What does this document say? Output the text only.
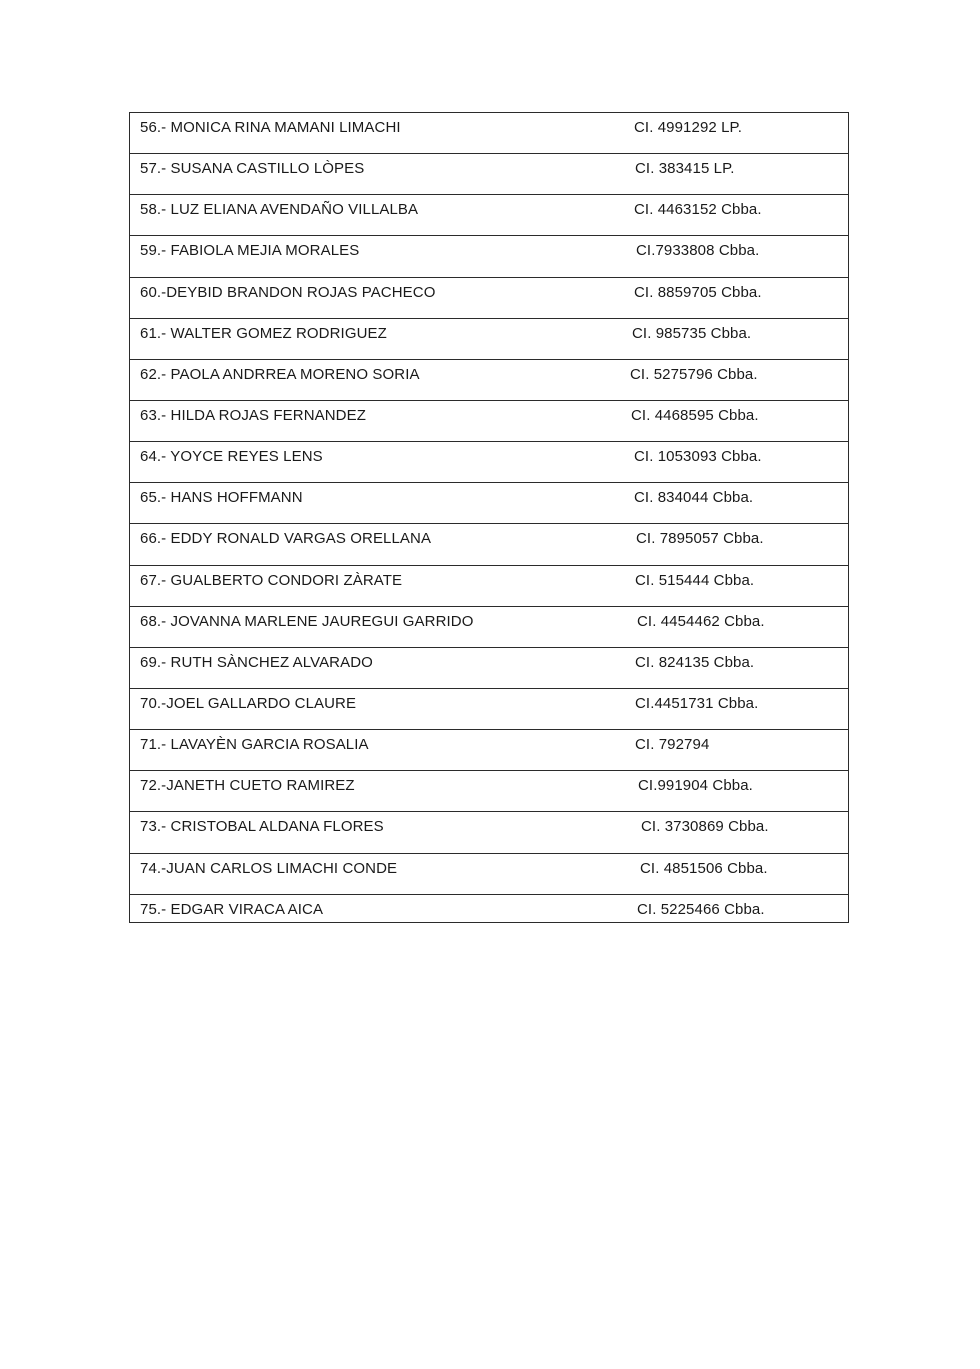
56.- MONICA RINA MAMANI LIMACHI	CI. 4991292 LP.
57.- SUSANA CASTILLO LÒPES	CI. 383415 LP.
58.- LUZ ELIANA AVENDAÑO VILLALBA	CI. 4463152 Cbba.
59.- FABIOLA MEJIA MORALES	CI.7933808 Cbba.
60.-DEYBID BRANDON ROJAS PACHECO	CI. 8859705 Cbba.
61.- WALTER GOMEZ RODRIGUEZ	CI. 985735 Cbba.
62.- PAOLA ANDRREA MORENO SORIA	CI. 5275796 Cbba.
63.- HILDA ROJAS FERNANDEZ	CI. 4468595 Cbba.
64.- YOYCE REYES LENS	CI. 1053093 Cbba.
65.- HANS HOFFMANN	CI. 834044 Cbba.
66.- EDDY RONALD VARGAS ORELLANA	CI. 7895057 Cbba.
67.- GUALBERTO CONDORI ZÀRATE	CI. 515444 Cbba.
68.- JOVANNA MARLENE JAUREGUI GARRIDO	CI. 4454462 Cbba.
69.- RUTH SÀNCHEZ ALVARADO	CI. 824135 Cbba.
70.-JOEL GALLARDO CLAURE	CI.4451731 Cbba.
71.- LAVAYÈN GARCIA ROSALIA	CI. 792794
72.-JANETH CUETO RAMIREZ	CI.991904 Cbba.
73.- CRISTOBAL ALDANA FLORES	CI. 3730869 Cbba.
74.-JUAN CARLOS LIMACHI CONDE	CI. 4851506 Cbba.
75.- EDGAR VIRACA AICA	CI. 5225466 Cbba.
